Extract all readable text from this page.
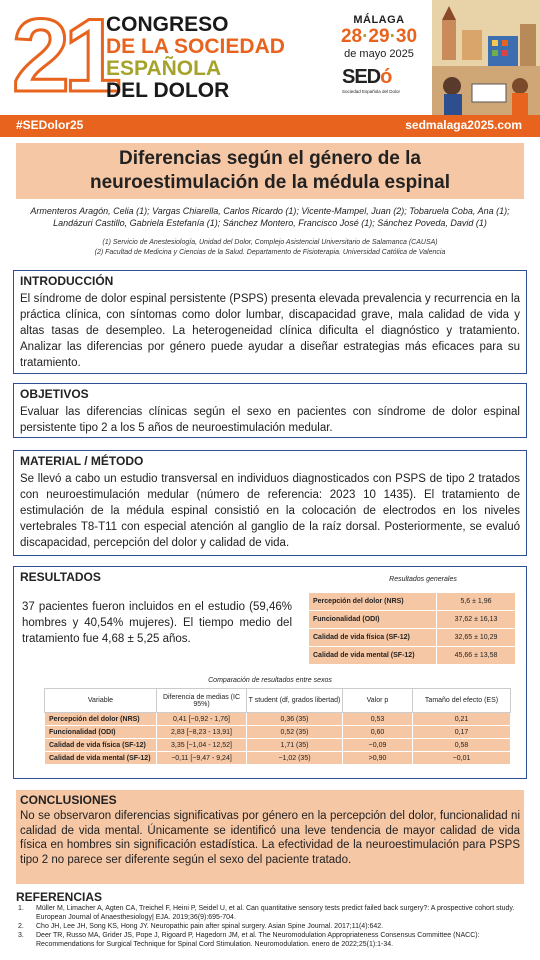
21
CONGRESO
DE LA SOCIEDAD
ESPAÑOLA
DEL DOLOR
MÁLAGA
28·29·30
de mayo 2025
SEDó
Sociedad Española del Dolor
#SEDolor25	sedmalaga2025.com
Diferencias según el género de la
neuroestimulación de la médula espinal
Armenteros Aragón, Celia (1); Vargas Chiarella, Carlos Ricardo (1); Vicente-Mampel, Juan (2); Tobaruela Coba, Ana (1);
Landázuri Castillo, Gabriela Estefanía (1); Sánchez Montero, Francisco José (1); Sánchez Poveda, David (1)
(1) Servicio de Anestesiología, Unidad del Dolor, Complejo Asistencial Universitario de Salamanca (CAUSA)
(2) Facultad de Medicina y Ciencias de la Salud. Departamento de Fisioterapia. Universidad Católica de Valencia
INTRODUCCIÓN
El síndrome de dolor espinal persistente (PSPS) presenta elevada prevalencia y recurrencia en la práctica clínica, con síntomas como dolor lumbar, discapacidad grave, mala calidad de vida y altas tasas de desempleo. La heterogeneidad clínica dificulta el diagnóstico y tratamiento. Analizar las diferencias por género puede ayudar a diseñar estrategias más eficaces para su tratamiento.
OBJETIVOS
Evaluar las diferencias clínicas según el sexo en pacientes con síndrome de dolor espinal persistente tipo 2 a los 5 años de neuroestimulación medular.
MATERIAL / MÉTODO
Se llevó a cabo un estudio transversal en individuos diagnosticados con PSPS de tipo 2 tratados con neuroestimulación medular (número de referencia: 2023 10 1435). El tratamiento de estimulación de la médula espinal consistió en la colocación de electrodos en los niveles vertebrales T8-T11 con especial atención al ganglio de la raíz dorsal. Posteriormente, se evaluó discapacidad, percepción del dolor y calidad de vida.
RESULTADOS
37 pacientes fueron incluidos en el estudio (59,46% hombres y 40,54% mujeres). El tiempo medio del tratamiento fue 4,68 ± 5,25 años.
Resultados generales
Percepción del dolor (NRS)	5,6 ± 1,96
Funcionalidad (ODI)	37,62 ± 16,13
Calidad de vida física (SF-12)	32,65 ± 10,29
Calidad de vida mental (SF-12)	45,66 ± 13,58
Comparación de resultados entre sexos
Variable	Diferencia de medias (IC 95%)	T student (df, grados libertad)	Valor p	Tamaño del efecto (ES)
Percepción del dolor (NRS)	0,41 [−0,92 - 1,76]	0,36 (35)	0,53	0,21
Funcionalidad (ODI)	2,83 [−8,23 - 13,91]	0,52 (35)	0,60	0,17
Calidad de vida física (SF-12)	3,35 [−1,04 - 12,52]	1,71 (35)	~0,09	0,58
Calidad de vida mental (SF-12)	−0,11 [−9,47 - 9,24]	−1,02 (35)	>0,90	−0,01
CONCLUSIONES
No se observaron diferencias significativas por género en la percepción del dolor, funcionalidad ni calidad de vida mental. Únicamente se identificó una leve tendencia de mayor calidad de vida física en hombres sin significación estadística. La efectividad de la neuroestimulación para PSPS tipo 2 no parece ser diferente según el sexo del paciente tratado.
REFERENCIAS
1. Müller M, Limacher A, Agten CA, Treichel F, Heini P, Seidel U, et al. Can quantitative sensory tests predict failed back surgery?: A prospective cohort study. European Journal of Anaesthesiology| EJA. 2019;36(9):695-704.
2. Cho JH, Lee JH, Song KS, Hong JY. Neuropathic pain after spinal surgery. Asian Spine Journal. 2017;11(4):642.
3. Deer TR, Russo MA, Grider JS, Pope J, Rigoard P, Hagedorn JM, et al. The Neuromodulation Appropriateness Consensus Committee (NACC): Recommendations for Surgical Technique for Spinal Cord Stimulation. Neuromodulation. enero de 2022;25(1):1-34.
